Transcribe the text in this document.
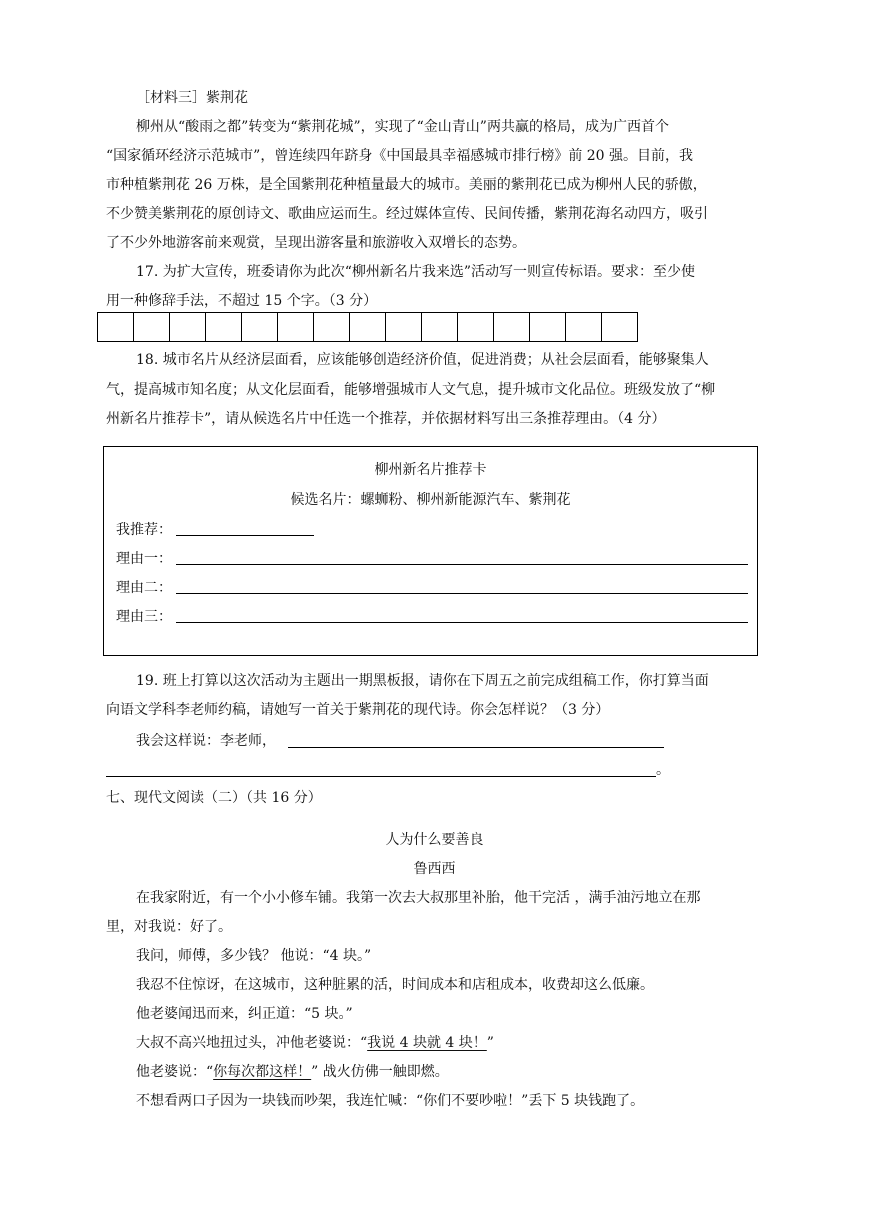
［材料三］紫荆花
柳州从“酸雨之都”转变为“紫荆花城”，实现了“金山青山”两共赢的格局，成为广西首个
“国家循环经济示范城市”，曾连续四年跻身《中国最具幸福感城市排行榜》前 20 强。目前，我
市种植紫荆花 26 万株，是全国紫荆花种植量最大的城市。美丽的紫荆花已成为柳州人民的骄傲，
不少赞美紫荆花的原创诗文、歌曲应运而生。经过媒体宣传、民间传播，紫荆花海名动四方，吸引
了不少外地游客前来观赏，呈现出游客量和旅游收入双增长的态势。
17. 为扩大宣传，班委请你为此次“柳州新名片我来选”活动写一则宣传标语。要求：至少使
用一种修辞手法，不超过 15 个字。（3 分）
18. 城市名片从经济层面看，应该能够创造经济价值，促进消费；从社会层面看，能够聚集人
气，提高城市知名度；从文化层面看，能够增强城市人文气息，提升城市文化品位。班级发放了“柳
州新名片推荐卡”，请从候选名片中任选一个推荐，并依据材料写出三条推荐理由。（4 分）
柳州新名片推荐卡
候选名片：螺蛳粉、柳州新能源汽车、紫荆花
我推荐：
理由一：
理由二：
理由三：
19. 班上打算以这次活动为主题出一期黑板报，请你在下周五之前完成组稿工作，你打算当面
向语文学科李老师约稿，请她写一首关于紫荆花的现代诗。你会怎样说？（3 分）
我会这样说：李老师，
。
七、现代文阅读（二）（共 16 分）
人为什么要善良
鲁西西
在我家附近，有一个小小修车铺。我第一次去大叔那里补胎，他干完活 ，满手油污地立在那
里，对我说：好了。
我问，师傅，多少钱？ 他说：“4 块。”
我忍不住惊讶，在这城市，这种脏累的活，时间成本和店租成本，收费却这么低廉。
他老婆闻迅而来，纠正道：“5 块。”
大叔不高兴地扭过头，冲他老婆说：“我说 4 块就 4 块！”
他老婆说：“你每次都这样！” 战火仿佛一触即燃。
不想看两口子因为一块钱而吵架，我连忙喊：“你们不要吵啦！”丢下 5 块钱跑了。
